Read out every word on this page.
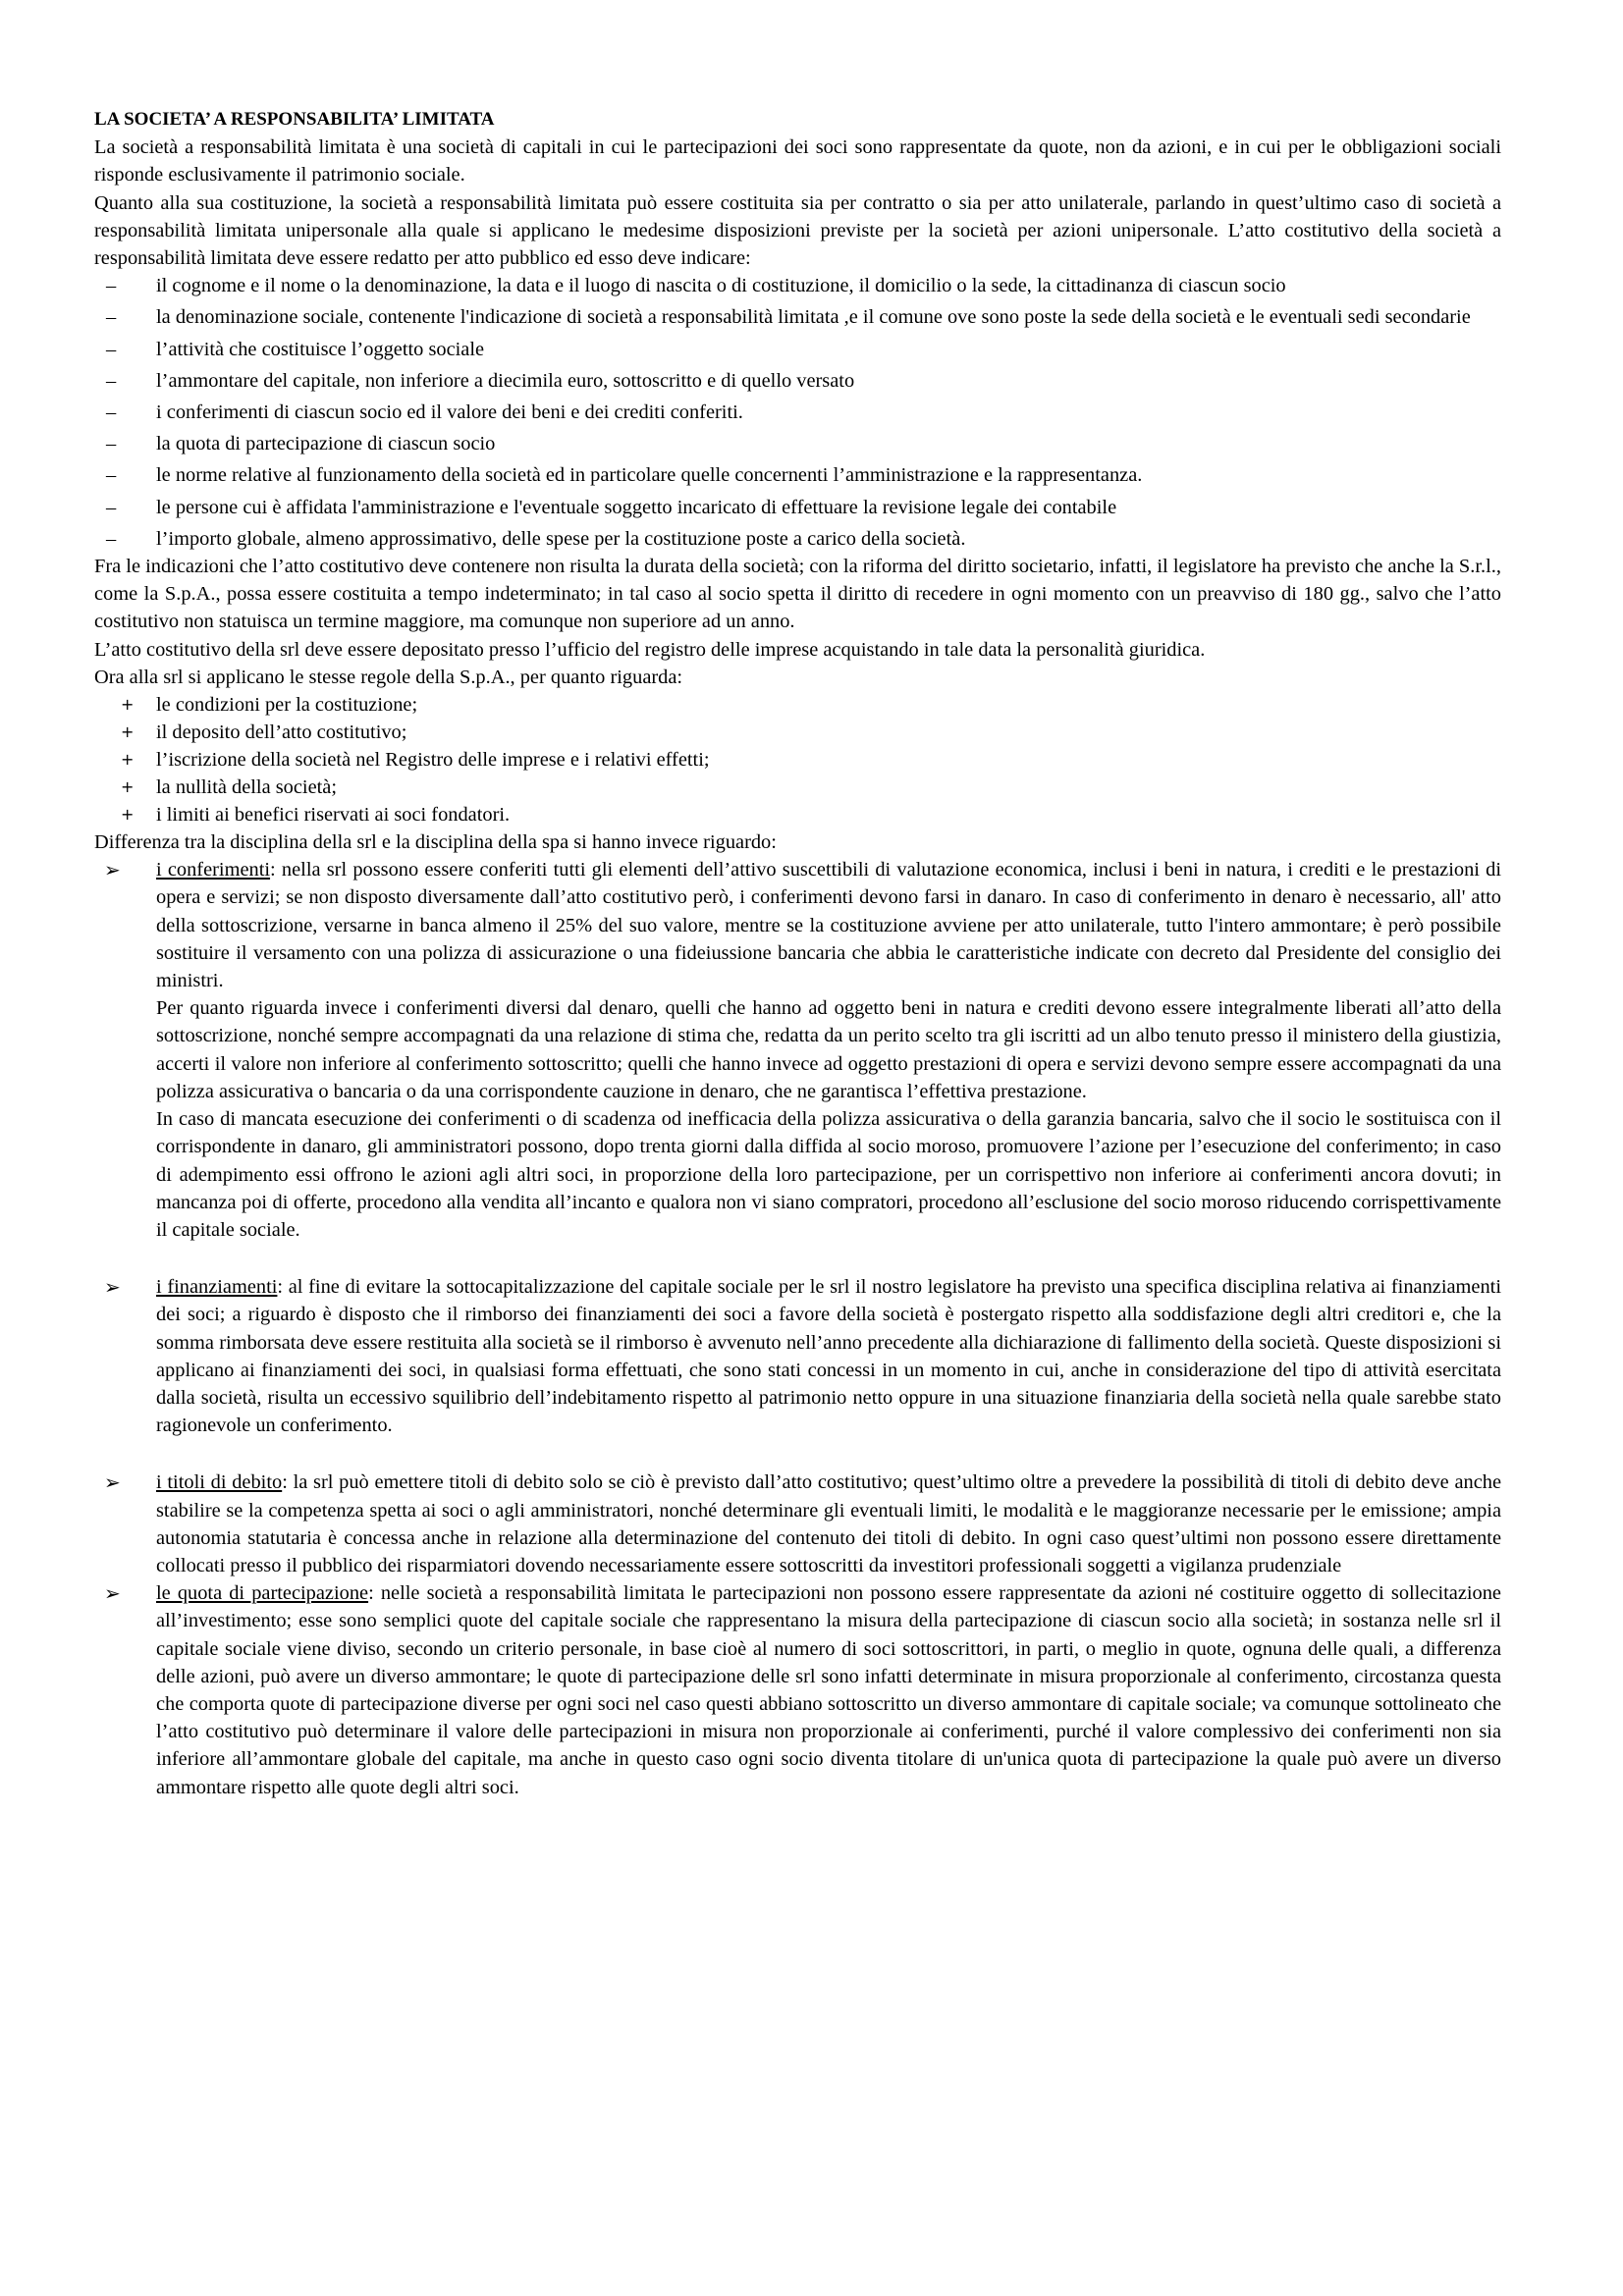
LA SOCIETA’ A RESPONSABILITA’ LIMITATA

La società a responsabilità limitata è una società di capitali in cui le partecipazioni dei soci sono rappresentate da quote, non da azioni, e in cui per le obbligazioni sociali risponde esclusivamente il patrimonio sociale.

Quanto alla sua costituzione, la società a responsabilità limitata può essere costituita sia per contratto o sia per atto unilaterale, parlando in quest’ultimo caso di società a responsabilità limitata unipersonale alla quale si applicano le medesime disposizioni previste per la società per azioni unipersonale. L’atto costitutivo della società a responsabilità limitata deve essere redatto per atto pubblico ed esso deve indicare:

– il cognome e il nome o la denominazione, la data e il luogo di nascita o di costituzione, il domicilio o la sede, la cittadinanza di ciascun socio
– la denominazione sociale, contenente l'indicazione di società a responsabilità limitata ,e il comune ove sono poste la sede della società e le eventuali sedi secondarie
– l’attività che costituisce l’oggetto sociale
– l’ammontare del capitale, non inferiore a diecimila euro, sottoscritto e di quello versato
– i conferimenti di ciascun socio ed il valore dei beni e dei crediti conferiti.
– la quota di partecipazione di ciascun socio
– le norme relative al funzionamento della società ed in particolare quelle concernenti l’amministrazione e la rappresentanza.
– le persone cui è affidata l'amministrazione e l'eventuale soggetto incaricato di effettuare la revisione legale dei contabile
– l’importo globale, almeno approssimativo, delle spese per la costituzione poste a carico della società.

Fra le indicazioni che l’atto costitutivo deve contenere non risulta la durata della società; con la riforma del diritto societario, infatti, il legislatore ha previsto che anche la S.r.l., come la S.p.A., possa essere costituita a tempo indeterminato; in tal caso al socio spetta il diritto di recedere in ogni momento con un preavviso di 180 gg., salvo che l’atto costitutivo non statuisca un termine maggiore, ma comunque non superiore ad un anno.

L’atto costitutivo della srl deve essere depositato presso l’ufficio del registro delle imprese acquistando in tale data la personalità giuridica.

Ora alla srl si applicano le stesse regole della S.p.A., per quanto riguarda:

+ le condizioni per la costituzione;
+ il deposito dell’atto costitutivo;
+ l’iscrizione della società nel Registro delle imprese e i relativi effetti;
+ la nullità della società;
+ i limiti ai benefici riservati ai soci fondatori.

Differenza tra la disciplina della srl e la disciplina della spa si hanno invece riguardo:

➢ i conferimenti: nella srl possono essere conferiti tutti gli elementi dell’attivo suscettibili di valutazione economica, inclusi i beni in natura, i crediti e le prestazioni di opera e servizi; se non disposto diversamente dall’atto costitutivo però, i conferimenti devono farsi in danaro. In caso di conferimento in denaro è necessario, all' atto della sottoscrizione, versarne in banca almeno il 25% del suo valore, mentre se la costituzione avviene per atto unilaterale, tutto l'intero ammontare; è però possibile sostituire il versamento con una polizza di assicurazione o una fideiussione bancaria che abbia le caratteristiche indicate con decreto dal Presidente del consiglio dei ministri.

Per quanto riguarda invece i conferimenti diversi dal denaro, quelli che hanno ad oggetto beni in natura e crediti devono essere integralmente liberati all’atto della sottoscrizione, nonché sempre accompagnati da una relazione di stima che, redatta da un perito scelto tra gli iscritti ad un albo tenuto presso il ministero della giustizia, accerti il valore non inferiore al conferimento sottoscritto; quelli che hanno invece ad oggetto prestazioni di opera e servizi devono sempre essere accompagnati da una polizza assicurativa o bancaria o da una corrispondente cauzione in denaro, che ne garantisca l’effettiva prestazione.

In caso di mancata esecuzione dei conferimenti o di scadenza od inefficacia della polizza assicurativa o della garanzia bancaria, salvo che il socio le sostituisca con il corrispondente in danaro, gli amministratori possono, dopo trenta giorni dalla diffida al socio moroso, promuovere l’azione per l’esecuzione del conferimento; in caso di adempimento essi offrono le azioni agli altri soci, in proporzione della loro partecipazione, per un corrispettivo non inferiore ai conferimenti ancora dovuti; in mancanza poi di offerte, procedono alla vendita all’incanto e qualora non vi siano compratori, procedono all’esclusione del socio moroso riducendo corrispettivamente il capitale sociale.

➢ i finanziamenti: al fine di evitare la sottocapitalizzazione del capitale sociale per le srl il nostro legislatore ha previsto una specifica disciplina relativa ai finanziamenti dei soci; a riguardo è disposto che il rimborso dei finanziamenti dei soci a favore della società è postergato rispetto alla soddisfazione degli altri creditori e, che la somma rimborsata deve essere restituita alla società se il rimborso è avvenuto nell’anno precedente alla dichiarazione di fallimento della società. Queste disposizioni si applicano ai finanziamenti dei soci, in qualsiasi forma effettuati, che sono stati concessi in un momento in cui, anche in considerazione del tipo di attività esercitata dalla società, risulta un eccessivo squilibrio dell’indebitamento rispetto al patrimonio netto oppure in una situazione finanziaria della società nella quale sarebbe stato ragionevole un conferimento.

➢ i titoli di debito: la srl può emettere titoli di debito solo se ciò è previsto dall’atto costitutivo; quest’ultimo oltre a prevedere la possibilità di titoli di debito deve anche stabilire se la competenza spetta ai soci o agli amministratori, nonché determinare gli eventuali limiti, le modalità e le maggioranze necessarie per le emissione; ampia autonomia statutaria è concessa anche in relazione alla determinazione del contenuto dei titoli di debito. In ogni caso quest’ultimi non possono essere direttamente collocati presso il pubblico dei risparmiatori dovendo necessariamente essere sottoscritti da investitori professionali soggetti a vigilanza prudenziale

➢ le quota di partecipazione: nelle società a responsabilità limitata le partecipazioni non possono essere rappresentate da azioni né costituire oggetto di sollecitazione all’investimento; esse sono semplici quote del capitale sociale che rappresentano la misura della partecipazione di ciascun socio alla società; in sostanza nelle srl il capitale sociale viene diviso, secondo un criterio personale, in base cioè al numero di soci sottoscrittori, in parti, o meglio in quote, ognuna delle quali, a differenza delle azioni, può avere un diverso ammontare; le quote di partecipazione delle srl sono infatti determinate in misura proporzionale al conferimento, circostanza questa che comporta quote di partecipazione diverse per ogni soci nel caso questi abbiano sottoscritto un diverso ammontare di capitale sociale; va comunque sottolineato che l’atto costitutivo può determinare il valore delle partecipazioni in misura non proporzionale ai conferimenti, purché il valore complessivo dei conferimenti non sia inferiore all’ammontare globale del capitale, ma anche in questo caso ogni socio diventa titolare di un'unica quota di partecipazione la quale può avere un diverso ammontare rispetto alle quote degli altri soci.
